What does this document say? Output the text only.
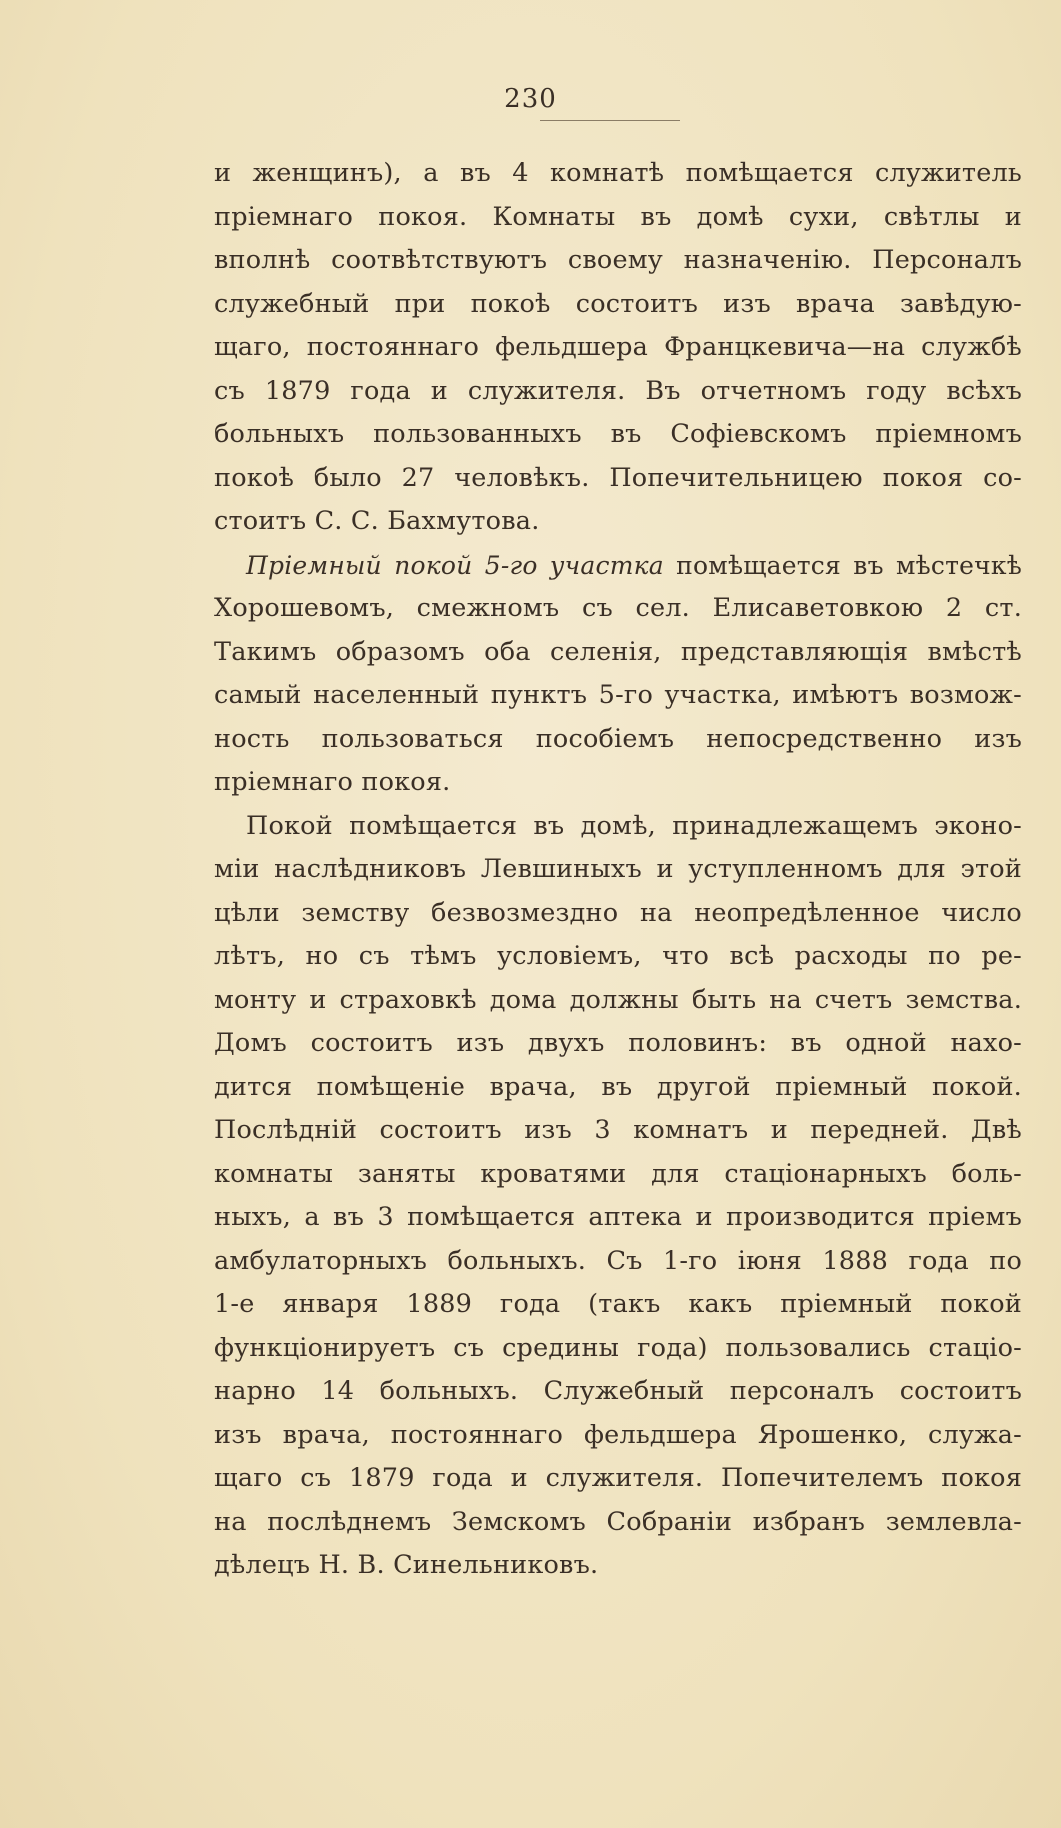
230
и женщинъ), а въ 4 комнатѣ помѣщается служитель
пріемнаго покоя. Комнаты въ домѣ сухи, свѣтлы и
вполнѣ соотвѣтствуютъ своему назначенію. Персоналъ
служебный при покоѣ состоитъ изъ врача завѣдую-
щаго, постояннаго фельдшера Францкевича—на службѣ
съ 1879 года и служителя. Въ отчетномъ году всѣхъ
больныхъ пользованныхъ въ Софіевскомъ пріемномъ
покоѣ было 27 человѣкъ. Попечительницею покоя со-
стоитъ С. С. Бахмутова.
Пріемный покой 5-го участка помѣщается въ мѣстечкѣ
Хорошевомъ, смежномъ съ сел. Елисаветовкою 2 ст.
Такимъ образомъ оба селенія, представляющія вмѣстѣ
самый населенный пунктъ 5-го участка, имѣютъ возмож-
ность пользоваться пособіемъ непосредственно изъ
пріемнаго покоя.
Покой помѣщается въ домѣ, принадлежащемъ эконо-
міи наслѣдниковъ Левшиныхъ и уступленномъ для этой
цѣли земству безвозмездно на неопредѣленное число
лѣтъ, но съ тѣмъ условіемъ, что всѣ расходы по ре-
монту и страховкѣ дома должны быть на счетъ земства.
Домъ состоитъ изъ двухъ половинъ: въ одной нахо-
дится помѣщеніе врача, въ другой пріемный покой.
Послѣдній состоитъ изъ 3 комнатъ и передней. Двѣ
комнаты заняты кроватями для стаціонарныхъ боль-
ныхъ, а въ 3 помѣщается аптека и производится пріемъ
амбулаторныхъ больныхъ. Съ 1-го іюня 1888 года по
1-е января 1889 года (такъ какъ пріемный покой
функціонируетъ съ средины года) пользовались стаціо-
нарно 14 больныхъ. Служебный персоналъ состоитъ
изъ врача, постояннаго фельдшера Ярошенко, служа-
щаго съ 1879 года и служителя. Попечителемъ покоя
на послѣднемъ Земскомъ Собраніи избранъ землевла-
дѣлецъ Н. В. Синельниковъ.
